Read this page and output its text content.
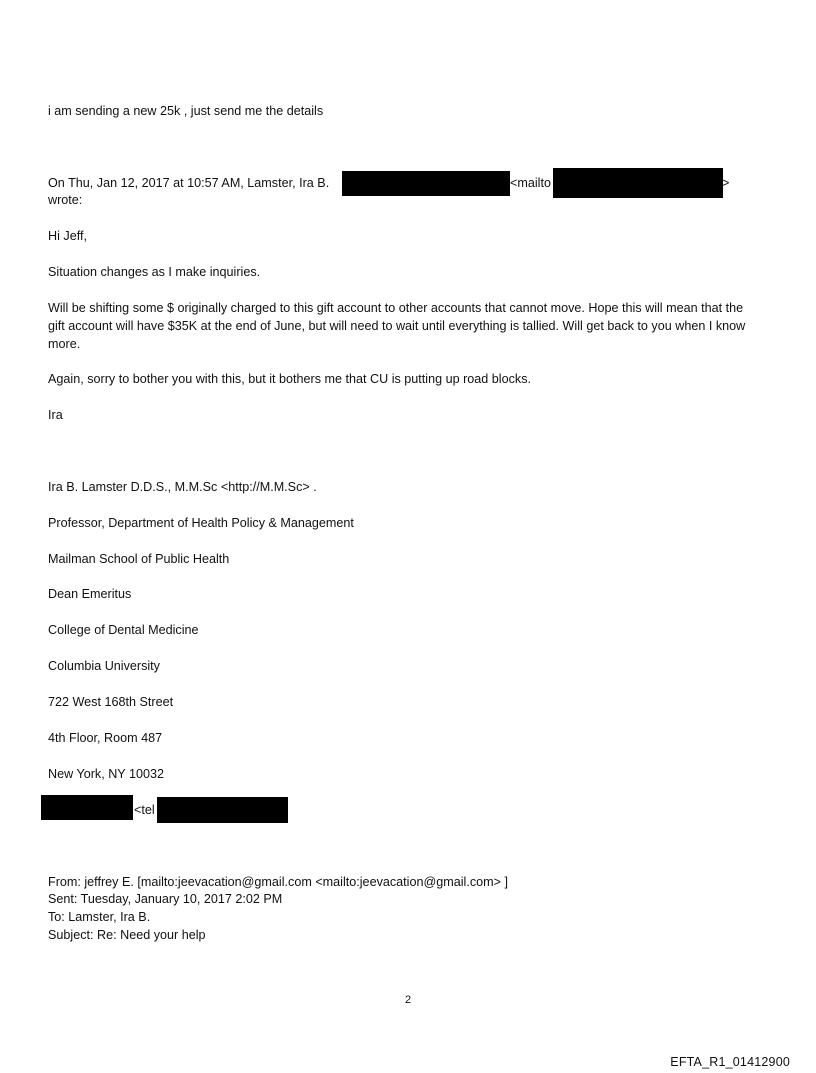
i am sending a new 25k , just send me the details
On Thu, Jan 12, 2017 at 10:57 AM, Lamster, Ira B.	<mailto	>
wrote:
Hi Jeff,
Situation changes as I make inquiries.
Will be shifting some $ originally charged to this gift account to other accounts that cannot move. Hope this will mean that the gift account will have $35K at the end of June, but will need to wait until everything is tallied. Will get back to you when I know more.
Again, sorry to bother you with this, but it bothers me that CU is putting up road blocks.
Ira
Ira B. Lamster D.D.S., M.M.Sc <http://M.M.Sc> .
Professor, Department of Health Policy & Management
Mailman School of Public Health
Dean Emeritus
College of Dental Medicine
Columbia University
722 West 168th Street
4th Floor, Room 487
New York, NY 10032
<tel
From: jeffrey E. [mailto:jeevacation@gmail.com <mailto:jeevacation@gmail.com> ]
Sent: Tuesday, January 10, 2017 2:02 PM
To: Lamster, Ira B.
Subject: Re: Need your help
2
EFTA_R1_01412900
